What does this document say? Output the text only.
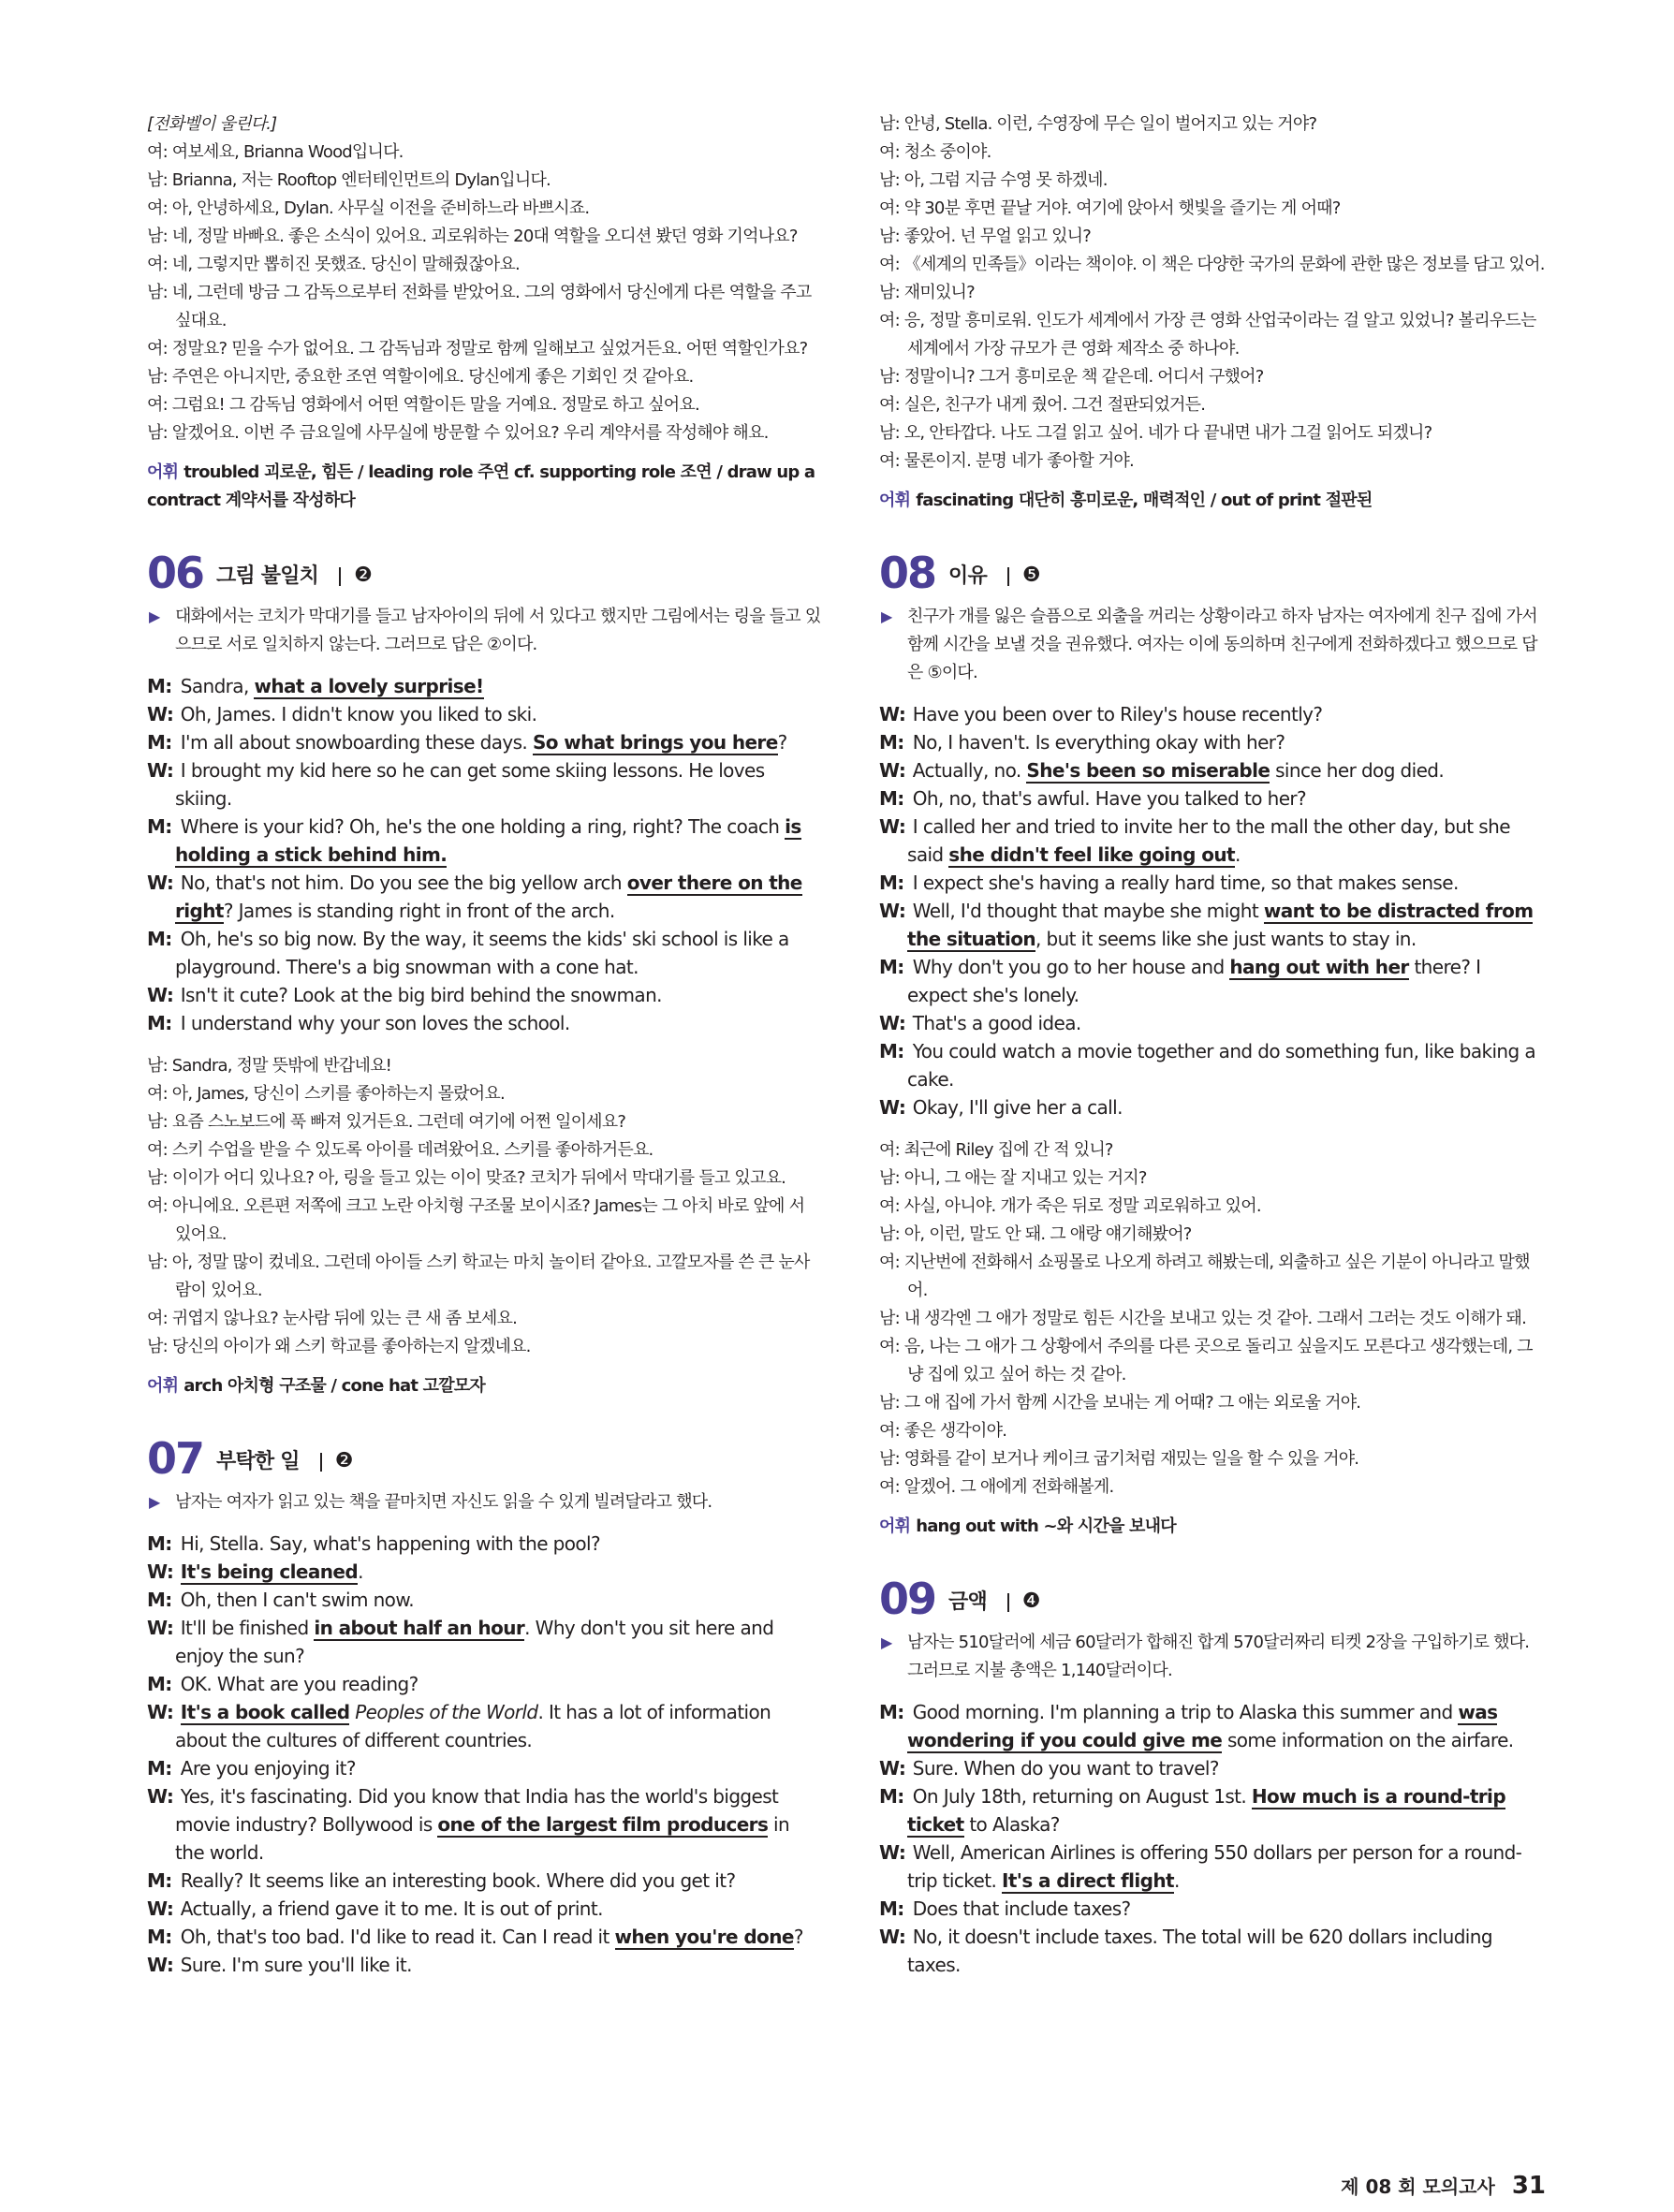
[전화벨이 울린다.]

여: 여보세요, Brianna Wood입니다.

남: Brianna, 저는 Rooftop 엔터테인먼트의 Dylan입니다.

여: 아, 안녕하세요, Dylan. 사무실 이전을 준비하느라 바쁘시죠.

남: 네, 정말 바빠요. 좋은 소식이 있어요. 괴로워하는 20대 역할을 오디션 봤던 영화 기억나요?

여: 네, 그렇지만 뽑히진 못했죠. 당신이 말해줬잖아요.

남: 네, 그런데 방금 그 감독으로부터 전화를 받았어요. 그의 영화에서 당신에게 다른 역할을 주고 싶대요.

여: 정말요? 믿을 수가 없어요. 그 감독님과 정말로 함께 일해보고 싶었거든요. 어떤 역할인가요?

남: 주연은 아니지만, 중요한 조연 역할이에요. 당신에게 좋은 기회인 것 같아요.

여: 그럼요! 그 감독님 영화에서 어떤 역할이든 말을 거예요. 정말로 하고 싶어요.

남: 알겠어요. 이번 주 금요일에 사무실에 방문할 수 있어요? 우리 계약서를 작성해야 해요.

어휘 troubled 괴로운, 힘든 / leading role 주연 cf. supporting role 조연 / draw up a contract 계약서를 작성하다

06 그림 불일치 ❷

▶ 대화에서는 코치가 막대기를 들고 남자아이의 뒤에 서 있다고 했지만 그림에서는 링을 들고 있으므로 서로 일치하지 않는다. 그러므로 답은 ②이다.

M: Sandra, what a lovely surprise!
W: Oh, James. I didn't know you liked to ski.
M: I'm all about snowboarding these days. So what brings you here?
W: I brought my kid here so he can get some skiing lessons. He loves skiing.
M: Where is your kid? Oh, he's the one holding a ring, right? The coach is holding a stick behind him.
W: No, that's not him. Do you see the big yellow arch over there on the right? James is standing right in front of the arch.
M: Oh, he's so big now. By the way, it seems the kids' ski school is like a playground. There's a big snowman with a cone hat.
W: Isn't it cute? Look at the big bird behind the snowman.
M: I understand why your son loves the school.

남: Sandra, 정말 뜻밖에 반갑네요!

여: 아, James, 당신이 스키를 좋아하는지 몰랐어요.

남: 요즘 스노보드에 푹 빠져 있거든요. 그런데 여기에 어쩐 일이세요?

여: 스키 수업을 받을 수 있도록 아이를 데려왔어요. 스키를 좋아하거든요.

남: 이이가 어디 있나요? 아, 링을 들고 있는 이이 맞죠? 코치가 뒤에서 막대기를 들고 있고요.

여: 아니에요. 오른편 저쪽에 크고 노란 아치형 구조물 보이시죠? James는 그 아치 바로 앞에 서 있어요.

남: 아, 정말 많이 컸네요. 그런데 아이들 스키 학교는 마치 놀이터 같아요. 고깔모자를 쓴 큰 눈사람이 있어요.

여: 귀엽지 않나요? 눈사람 뒤에 있는 큰 새 좀 보세요.

남: 당신의 아이가 왜 스키 학교를 좋아하는지 알겠네요.

어휘 arch 아치형 구조물 / cone hat 고깔모자

07 부탁한 일 ❷

▶ 남자는 여자가 읽고 있는 책을 끝마치면 자신도 읽을 수 있게 빌려달라고 했다.

M: Hi, Stella. Say, what's happening with the pool?
W: It's being cleaned.
M: Oh, then I can't swim now.
W: It'll be finished in about half an hour. Why don't you sit here and enjoy the sun?
M: OK. What are you reading?
W: It's a book called Peoples of the World. It has a lot of information about the cultures of different countries.
M: Are you enjoying it?
W: Yes, it's fascinating. Did you know that India has the world's biggest movie industry? Bollywood is one of the largest film producers in the world.
M: Really? It seems like an interesting book. Where did you get it?
W: Actually, a friend gave it to me. It is out of print.
M: Oh, that's too bad. I'd like to read it. Can I read it when you're done?
W: Sure. I'm sure you'll like it.

남: 안녕, Stella. 이런, 수영장에 무슨 일이 벌어지고 있는 거야?

여: 청소 중이야.

남: 아, 그럼 지금 수영 못 하겠네.

여: 약 30분 후면 끝날 거야. 여기에 앉아서 햇빛을 즐기는 게 어때?

남: 좋았어. 넌 무얼 읽고 있니?

여: 《세계의 민족들》이라는 책이야. 이 책은 다양한 국가의 문화에 관한 많은 정보를 담고 있어.

남: 재미있니?

여: 응, 정말 흥미로워. 인도가 세계에서 가장 큰 영화 산업국이라는 걸 알고 있었니? 볼리우드는 세계에서 가장 규모가 큰 영화 제작소 중 하나야.

남: 정말이니? 그거 흥미로운 책 같은데. 어디서 구했어?

여: 실은, 친구가 내게 줬어. 그건 절판되었거든.

남: 오, 안타깝다. 나도 그걸 읽고 싶어. 네가 다 끝내면 내가 그걸 읽어도 되겠니?

여: 물론이지. 분명 네가 좋아할 거야.

어휘 fascinating 대단히 흥미로운, 매력적인 / out of print 절판된

08 이유 ❺

▶ 친구가 개를 잃은 슬픔으로 외출을 꺼리는 상황이라고 하자 남자는 여자에게 친구 집에 가서 함께 시간을 보낼 것을 권유했다. 여자는 이에 동의하며 친구에게 전화하겠다고 했으므로 답은 ⑤이다.

W: Have you been over to Riley's house recently?
M: No, I haven't. Is everything okay with her?
W: Actually, no. She's been so miserable since her dog died.
M: Oh, no, that's awful. Have you talked to her?
W: I called her and tried to invite her to the mall the other day, but she said she didn't feel like going out.
M: I expect she's having a really hard time, so that makes sense.
W: Well, I'd thought that maybe she might want to be distracted from the situation, but it seems like she just wants to stay in.
M: Why don't you go to her house and hang out with her there? I expect she's lonely.
W: That's a good idea.
M: You could watch a movie together and do something fun, like baking a cake.
W: Okay, I'll give her a call.

여: 최근에 Riley 집에 간 적 있니?

남: 아니, 그 애는 잘 지내고 있는 거지?

여: 사실, 아니야. 개가 죽은 뒤로 정말 괴로워하고 있어.

남: 아, 이런, 말도 안 돼. 그 애랑 얘기해봤어?

여: 지난번에 전화해서 쇼핑몰로 나오게 하려고 해봤는데, 외출하고 싶은 기분이 아니라고 말했어.

남: 내 생각엔 그 애가 정말로 힘든 시간을 보내고 있는 것 같아. 그래서 그러는 것도 이해가 돼.

여: 음, 나는 그 애가 그 상황에서 주의를 다른 곳으로 돌리고 싶을지도 모른다고 생각했는데, 그냥 집에 있고 싶어 하는 것 같아.

남: 그 애 집에 가서 함께 시간을 보내는 게 어때? 그 애는 외로울 거야.

여: 좋은 생각이야.

남: 영화를 같이 보거나 케이크 굽기처럼 재밌는 일을 할 수 있을 거야.

여: 알겠어. 그 애에게 전화해볼게.

어휘 hang out with ~와 시간을 보내다

09 금액 ❹

▶ 남자는 510달러에 세금 60달러가 합해진 합계 570달러짜리 티켓 2장을 구입하기로 했다. 그러므로 지불 총액은 1,140달러이다.

M: Good morning. I'm planning a trip to Alaska this summer and was wondering if you could give me some information on the airfare.
W: Sure. When do you want to travel?
M: On July 18th, returning on August 1st. How much is a round-trip ticket to Alaska?
W: Well, American Airlines is offering 550 dollars per person for a round-trip ticket. It's a direct flight.
M: Does that include taxes?
W: No, it doesn't include taxes. The total will be 620 dollars including taxes.
제 08 회 모의고사 31
